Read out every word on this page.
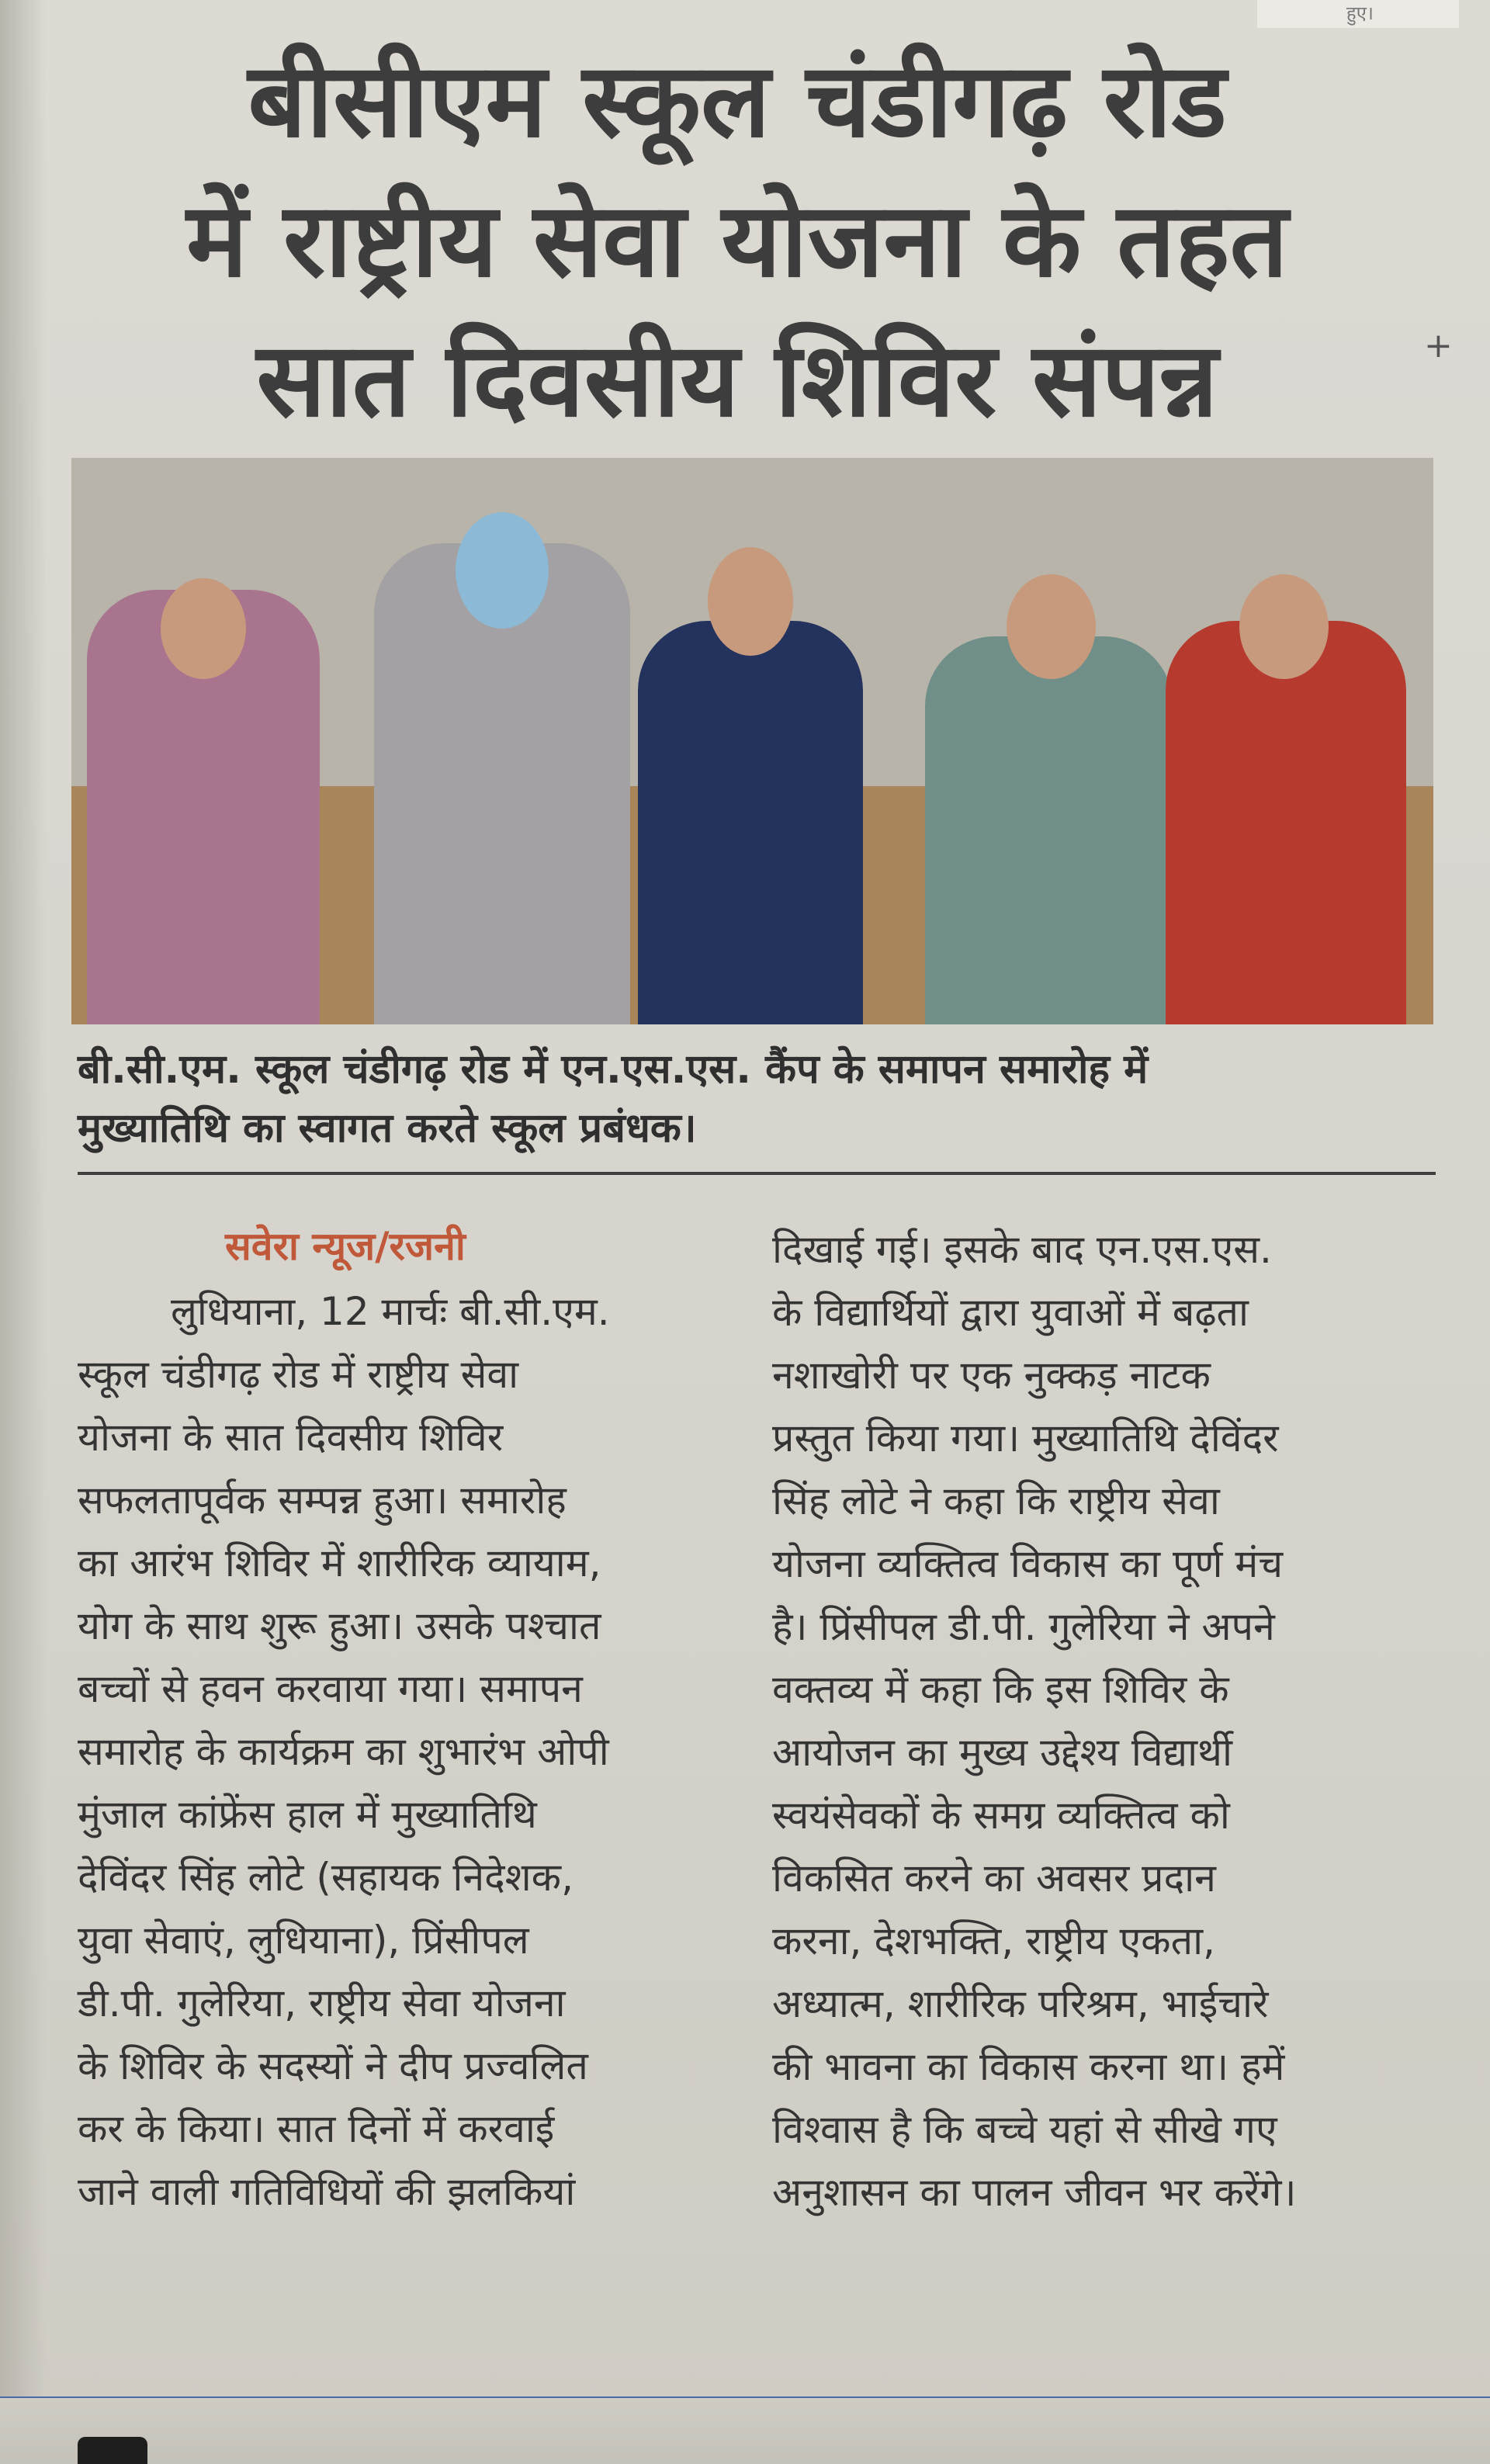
हुए।
बीसीएम स्कूल चंडीगढ़ रोड
में राष्ट्रीय सेवा योजना के तहत
सात दिवसीय शिविर संपन्न	+
बी.सी.एम. स्कूल चंडीगढ़ रोड में एन.एस.एस. कैंप के समापन समारोह में
मुख्यातिथि का स्वागत करते स्कूल प्रबंधक।
सवेरा न्यूज/रजनी
लुधियाना, 12 मार्चः बी.सी.एम.
स्कूल चंडीगढ़ रोड में राष्ट्रीय सेवा
योजना के सात दिवसीय शिविर
सफलतापूर्वक सम्पन्न हुआ। समारोह
का आरंभ शिविर में शारीरिक व्यायाम,
योग के साथ शुरू हुआ। उसके पश्चात
बच्चों से हवन करवाया गया। समापन
समारोह के कार्यक्रम का शुभारंभ ओपी
मुंजाल कांफ्रेंस हाल में मुख्यातिथि
देविंदर सिंह लोटे (सहायक निदेशक,
युवा सेवाएं, लुधियाना), प्रिंसीपल
डी.पी. गुलेरिया, राष्ट्रीय सेवा योजना
के शिविर के सदस्यों ने दीप प्रज्वलित
कर के किया। सात दिनों में करवाई
जाने वाली गतिविधियों की झलकियां
दिखाई गई। इसके बाद एन.एस.एस.
के विद्यार्थियों द्वारा युवाओं में बढ़ता
नशाखोरी पर एक नुक्कड़ नाटक
प्रस्तुत किया गया। मुख्यातिथि देविंदर
सिंह लोटे ने कहा कि राष्ट्रीय सेवा
योजना व्यक्तित्व विकास का पूर्ण मंच
है। प्रिंसीपल डी.पी. गुलेरिया ने अपने
वक्तव्य में कहा कि इस शिविर के
आयोजन का मुख्य उद्देश्य विद्यार्थी
स्वयंसेवकों के समग्र व्यक्तित्व को
विकसित करने का अवसर प्रदान
करना, देशभक्ति, राष्ट्रीय एकता,
अध्यात्म, शारीरिक परिश्रम, भाईचारे
की भावना का विकास करना था। हमें
विश्वास है कि बच्चे यहां से सीखे गए
अनुशासन का पालन जीवन भर करेंगे।
